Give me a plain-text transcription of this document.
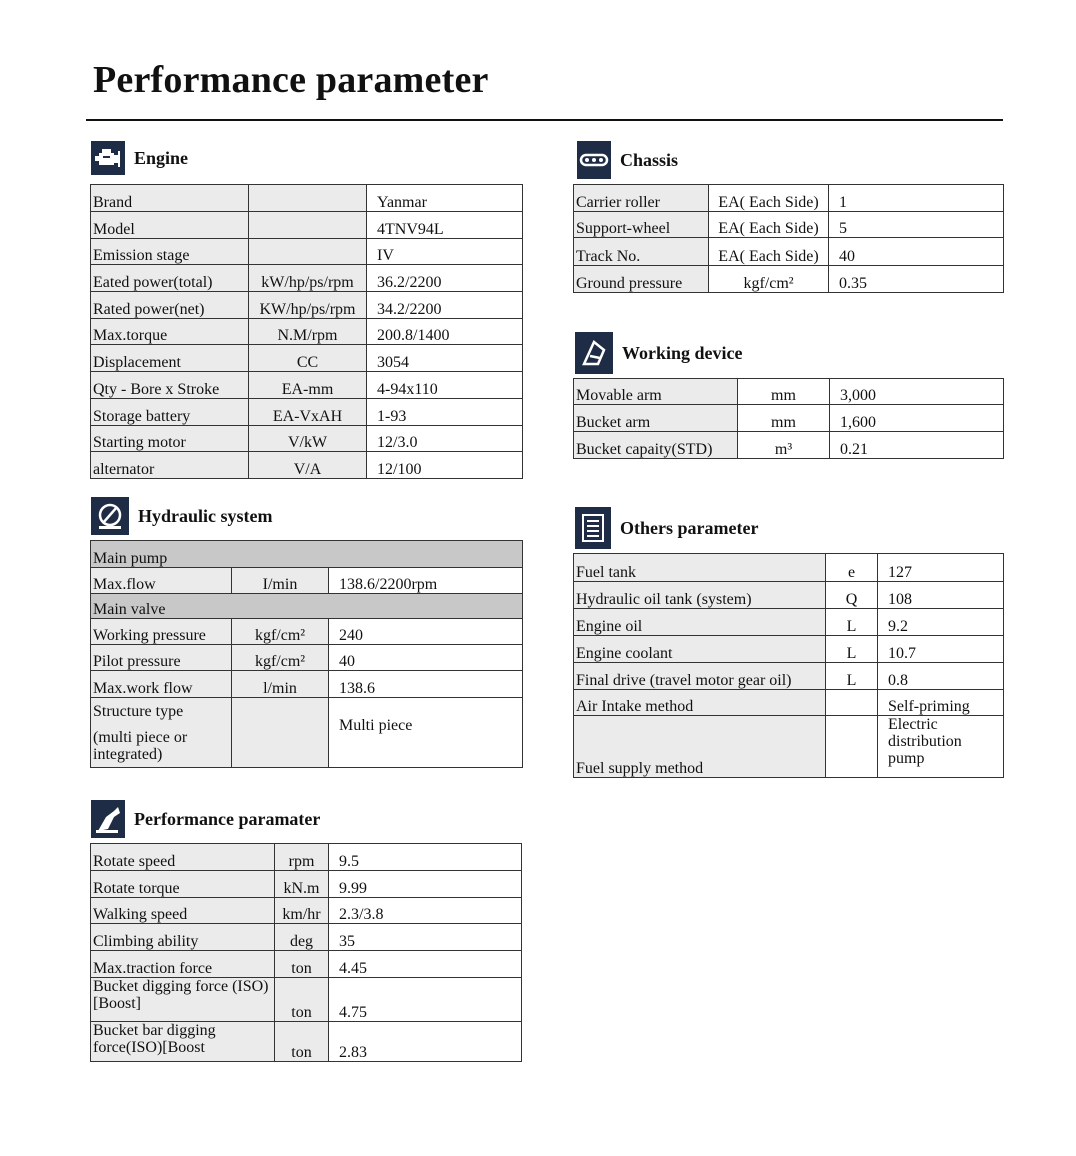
Performance parameter
Engine
Brand		Yanmar
Model		4TNV94L
Emission stage		IV
Eated power(total)	kW/hp/ps/rpm	36.2/2200
Rated power(net)	KW/hp/ps/rpm	34.2/2200
Max.torque	N.M/rpm	200.8/1400
Displacement	CC	3054
Qty - Bore x Stroke	EA-mm	4-94x110
Storage battery	EA-VxAH	1-93
Starting motor	V/kW	12/3.0
alternator	V/A	12/100
Hydraulic system
Main pump		
Max.flow	I/min	138.6/2200rpm
Main valve		
Working pressure	kgf/cm²	240
Pilot pressure	kgf/cm²	40
Max.work flow	l/min	138.6

Structure type
(multi piece or integrated)		Multi piece
Performance paramater
Rotate speed	rpm	9.5
Rotate torque	kN.m	9.99
Walking speed	km/hr	2.3/3.8
Climbing ability	deg	35
Max.traction force	ton	4.45
Bucket digging force (ISO)[Boost]	ton	4.75
Bucket bar digging force(ISO)[Boost	ton	2.83
Chassis
Carrier roller	EA( Each Side)	1
Support-wheel	EA( Each Side)	5
Track No.	EA( Each Side)	40
Ground pressure	kgf/cm²	0.35
Working device
Movable arm	mm	3,000
Bucket arm	mm	1,600
Bucket capaity(STD)	m³	0.21
Others parameter
Fuel tank	e	127
Hydraulic oil tank (system)	Q	108
Engine oil	L	9.2
Engine coolant	L	10.7
Final drive (travel motor gear oil)	L	0.8
Air Intake method		Self-priming
Fuel supply method		Electric distribution pump
